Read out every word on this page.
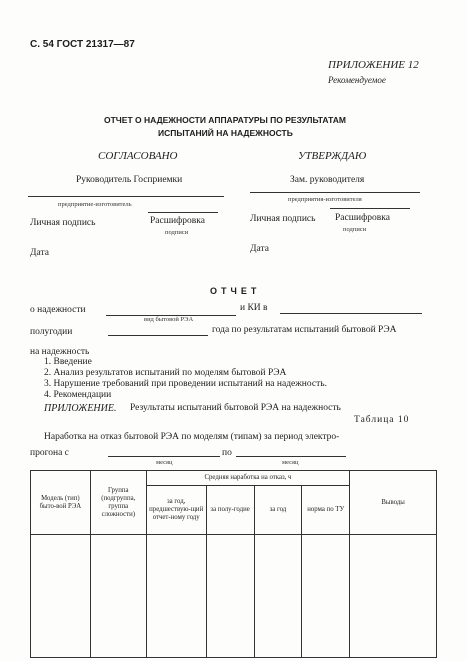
С. 54 ГОСТ 21317—87
ПРИЛОЖЕНИЕ 12
Рекомендуемое
ОТЧЕТ О НАДЕЖНОСТИ АППАРАТУРЫ ПО РЕЗУЛЬТАТАМ
ИСПЫТАНИЙ НА НАДЕЖНОСТЬ
СОГЛАСОВАНО	УТВЕРЖДАЮ
Руководитель Госприемки	Зам. руководителя
предприятия-изготовителя
предприятие-изготовитель
Личная подпись	Расшифровка
подписи
Личная подпись Расшифровка
подписи
Дата	Дата
ОТЧЕТ
о надежности
вид бытовой РЭА
и КИ в
полугодии	года по результатам испытаний бытовой РЭА
на надежность
1. Введение
2. Анализ результатов испытаний по моделям бытовой РЭА
3. Нарушение требований при проведении испытаний на надежность.
4. Рекомендации
ПРИЛОЖЕНИЕ. Результаты испытаний бытовой РЭА на надежность
Таблица 10
Наработка на отказ бытовой РЭА по моделям (типам) за период электро-
прогона с
месяц
по
месяц
Модель (тип) быто-вой РЭА	Группа (подгруппа, группа сложности)	Средняя наработка на отказ, ч				Выводы
		за год, предшествую-щий отчет-ному году	за полу-годие	за год	норма по ТУ	
